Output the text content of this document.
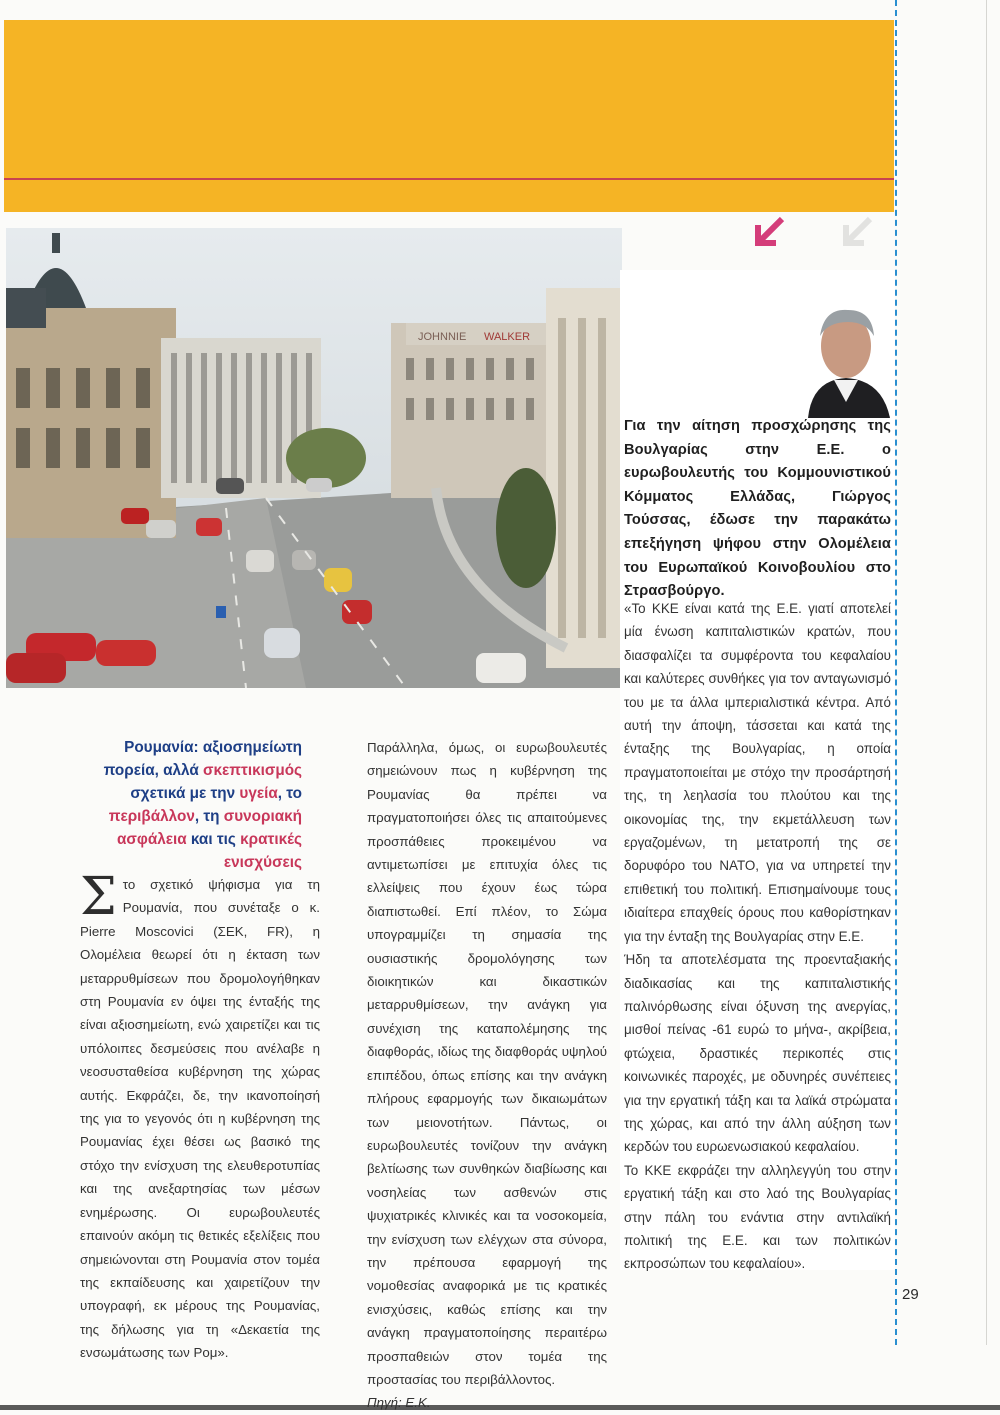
JOHNNIE WALKER
Για την αίτηση προσχώρησης της Βουλγαρίας στην Ε.Ε. ο ευρωβουλευτής του Κομμουνιστικού Κόμματος Ελλάδας, Γιώργος Τούσσας, έδωσε την παρακάτω επεξήγηση ψήφου στην Ολομέλεια του Ευρωπαϊκού Κοινοβουλίου στο Στρασβούργο.

«Το ΚΚΕ είναι κατά της Ε.Ε. γιατί αποτελεί μία ένωση καπιταλιστικών κρατών, που διασφαλίζει τα συμφέροντα του κεφαλαίου και καλύτερες συνθήκες για τον ανταγωνισμό του με τα άλλα ιμπεριαλιστικά κέντρα. Από αυτή την άποψη, τάσσεται και κατά της ένταξης της Βουλγαρίας, η οποία πραγματοποιείται με στόχο την προσάρτησή της, τη λεηλασία του πλούτου και της οικονομίας της, την εκμετάλλευση των εργαζομένων, τη μετατροπή της σε δορυφόρο του ΝΑΤΟ, για να υπηρετεί την επιθετική του πολιτική. Επισημαίνουμε τους ιδιαίτερα επαχθείς όρους που καθορίστηκαν για την ένταξη της Βουλγαρίας στην Ε.Ε.

Ήδη τα αποτελέσματα της προενταξιακής διαδικασίας και της καπιταλιστικής παλινόρθωσης είναι όξυνση της ανεργίας, μισθοί πείνας -61 ευρώ το μήνα-, ακρίβεια, φτώχεια, δραστικές περικοπές στις κοινωνικές παροχές, με οδυνηρές συνέπειες για την εργατική τάξη και τα λαϊκά στρώματα της χώρας, και από την άλλη αύξηση των κερδών του ευρωενωσιακού κεφαλαίου.

Το ΚΚΕ εκφράζει την αλληλεγγύη του στην εργατική τάξη και στο λαό της Βουλγαρίας στην πάλη του ενάντια στην αντιλαϊκή πολιτική της Ε.Ε. και των πολιτικών εκπροσώπων του κεφαλαίου».

Ρουμανία: αξιοσημείωτη πορεία, αλλά σκεπτικισμός σχετικά με την υγεία, το περιβάλλον, τη συνοριακή ασφάλεια και τις κρατικές ενισχύσεις
Στο σχετικό ψήφισμα για τη Ρουμανία, που συνέταξε ο κ. Pierre Moscovici (ΣΕΚ, FR), η Ολομέλεια θεωρεί ότι η έκταση των μεταρρυθμίσεων που δρομολογήθηκαν στη Ρουμανία εν όψει της ένταξής της είναι αξιοσημείωτη, ενώ χαιρετίζει και τις υπόλοιπες δεσμεύσεις που ανέλαβε η νεοσυσταθείσα κυβέρνηση της χώρας αυτής. Εκφράζει, δε, την ικανοποίησή της για το γεγονός ότι η κυβέρνηση της Ρουμανίας έχει θέσει ως βασικό της στόχο την ενίσχυση της ελευθεροτυπίας και της ανεξαρτησίας των μέσων ενημέρωσης. Οι ευρωβουλευτές επαινούν ακόμη τις θετικές εξελίξεις που σημειώνονται στη Ρουμανία στον τομέα της εκπαίδευσης και χαιρετίζουν την υπογραφή, εκ μέρους της Ρουμανίας, της δήλωσης για τη «Δεκαετία της ενσωμάτωσης των Ρομ».
Παράλληλα, όμως, οι ευρωβουλευτές σημειώνουν πως η κυβέρνηση της Ρουμανίας θα πρέπει να πραγματοποιήσει όλες τις απαιτούμενες προσπάθειες προκειμένου να αντιμετωπίσει με επιτυχία όλες τις ελλείψεις που έχουν έως τώρα διαπιστωθεί. Επί πλέον, το Σώμα υπογραμμίζει τη σημασία της ουσιαστικής δρομολόγησης των διοικητικών και δικαστικών μεταρρυθμίσεων, την ανάγκη για συνέχιση της καταπολέμησης της διαφθοράς, ιδίως της διαφθοράς υψηλού επιπέδου, όπως επίσης και την ανάγκη πλήρους εφαρμογής των δικαιωμάτων των μειονοτήτων. Πάντως, οι ευρωβουλευτές τονίζουν την ανάγκη βελτίωσης των συνθηκών διαβίωσης και νοσηλείας των ασθενών στις ψυχιατρικές κλινικές και τα νοσοκομεία, την ενίσχυση των ελέγχων στα σύνορα, την πρέπουσα εφαρμογή της νομοθεσίας αναφορικά με τις κρατικές ενισχύσεις, καθώς επίσης και την ανάγκη πραγματοποίησης περαιτέρω προσπαθειών στον τομέα της προστασίας του περιβάλλοντος.
Πηγή: Ε.Κ.
29
